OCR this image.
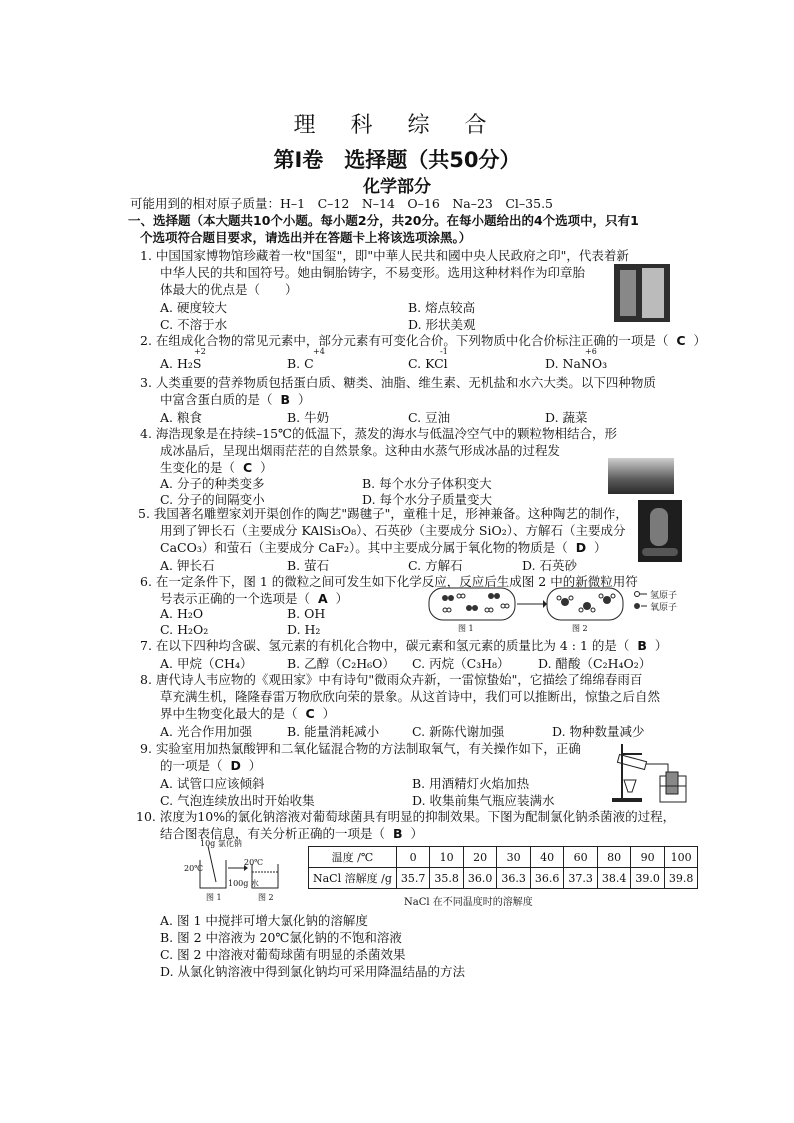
理 科 综 合
第Ⅰ卷　选择题（共50分）
化学部分
可能用到的相对原子质量：H–1　C–12　N–14　O–16　Na–23　Cl–35.5
一、选择题（本大题共10个小题。每小题2分，共20分。在每小题给出的4个选项中，只有1
个选项符合题目要求，请选出并在答题卡上将该选项涂黑。）
1. 中国国家博物馆珍藏着一枚"国玺"，即"中華人民共和國中央人民政府之印"，代表着新
中华人民的共和国符号。她由铜胎铸字，不易变形。选用这种材料作为印章胎
体最大的优点是（　　）
A. 硬度较大	B. 熔点较高
C. 不溶于水	D. 形状美观
2. 在组成化合物的常见元素中，部分元素有可变化合价。下列物质中化合价标注正确的一项是（ C  ）
A. H₂S
+2
B. C
+4
C. KCl
-1
D. NaNO₃
+6
3. 人类重要的营养物质包括蛋白质、糖类、油脂、维生素、无机盐和水六大类。以下四种物质
中富含蛋白质的是（ B  ）
A. 粮食	B. 牛奶	C. 豆油	D. 蔬菜
4. 海浩现象是在持续–15℃的低温下，蒸发的海水与低温冷空气中的颗粒物相结合，形
成冰晶后，呈现出烟雨茫茫的自然景象。这种由水蒸气形成冰晶的过程发
生变化的是（ C  ）
A. 分子的种类变多	B. 每个水分子体积变大
C. 分子的间隔变小	D. 每个水分子质量变大
5. 我国著名雕塑家刘开渠创作的陶艺"踢毽子"，童稚十足，形神兼备。这种陶艺的制作，
用到了钾长石（主要成分 KAlSi₃O₈）、石英砂（主要成分 SiO₂）、方解石（主要成分
CaCO₃）和萤石（主要成分 CaF₂）。其中主要成分属于氧化物的物质是（ D  ）
A. 钾长石	B. 萤石	C. 方解石	D. 石英砂
6. 在一定条件下，图 1 的微粒之间可发生如下化学反应，反应后生成图 2 中的新微粒用符
号表示正确的一个选项是（ A  ）
A. H₂O	B. OH
C. H₂O₂	D. H₂
氢原子
氧原子
图 1	图 2
7. 在以下四种均含碳、氢元素的有机化合物中，碳元素和氢元素的质量比为 4 : 1 的是（ B  ）
A. 甲烷（CH₄）	B. 乙醇（C₂H₆O） C. 丙烷（C₃H₈） D. 醋酸（C₂H₄O₂）
8. 唐代诗人韦应物的《观田家》中有诗句"微雨众卉新，一雷惊蛰始"，它描绘了绵绵春雨百
草充满生机，隆隆春雷万物欣欣向荣的景象。从这首诗中，我们可以推断出，惊蛰之后自然
界中生物变化最大的是（ C  ）
A. 光合作用加强	B. 能量消耗减小	C. 新陈代谢加强	D. 物种数量减少
9. 实验室用加热氯酸钾和二氧化锰混合物的方法制取氧气，有关操作如下，正确
的一项是（ D  ）
A. 试管口应该倾斜	B. 用酒精灯火焰加热
C. 气泡连续放出时开始收集	D. 收集前集气瓶应装满水
10. 浓度为10%的氯化钠溶液对葡萄球菌具有明显的抑制效果。下图为配制氯化钠杀菌液的过程，
结合图表信息，有关分析正确的一项是（ B  ）
10g 氯化钠
20℃
20℃
100g 水
图 1	图 2
温度 /℃	0	10	20	30	40	60	80	90	100
NaCl 溶解度 /g	35.7	35.8	36.0	36.3	36.6	37.3	38.4	39.0	39.8
NaCl 在不同温度时的溶解度
A. 图 1 中搅拌可增大氯化钠的溶解度
B. 图 2 中溶液为 20℃氯化钠的不饱和溶液
C. 图 2 中溶液对葡萄球菌有明显的杀菌效果
D. 从氯化钠溶液中得到氯化钠均可采用降温结晶的方法
